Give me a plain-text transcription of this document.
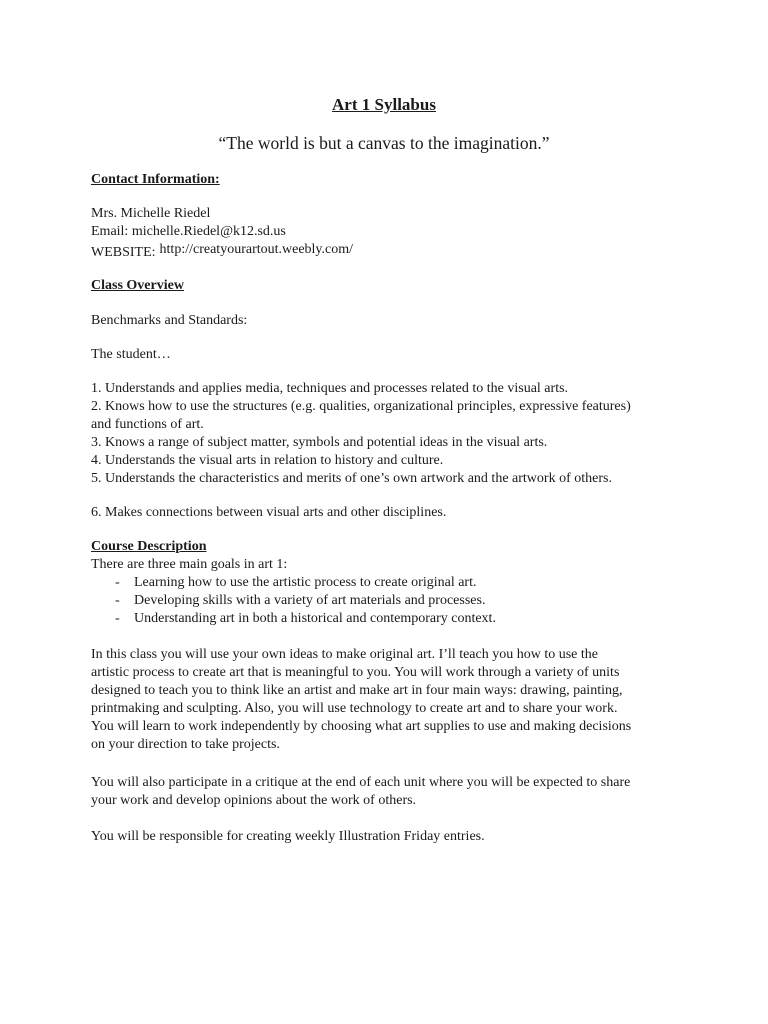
Art 1 Syllabus
“The world is but a canvas to the imagination.”
Contact Information:
Mrs. Michelle Riedel
Email: michelle.Riedel@k12.sd.us
WEBSITE: http://creatyourartout.weebly.com/
Class Overview
Benchmarks and Standards:
The student…
1. Understands and applies media, techniques and processes related to the visual arts.
2. Knows how to use the structures (e.g. qualities, organizational principles, expressive features)
and functions of art.
3. Knows a range of subject matter, symbols and potential ideas in the visual arts.
4. Understands the visual arts in relation to history and culture.
5. Understands the characteristics and merits of one’s own artwork and the artwork of others.
6. Makes connections between visual arts and other disciplines.
Course Description
There are three main goals in art 1:
- Learning how to use the artistic process to create original art.
- Developing skills with a variety of art materials and processes.
- Understanding art in both a historical and contemporary context.
In this class you will use your own ideas to make original art. I’ll teach you how to use the
artistic process to create art that is meaningful to you. You will work through a variety of units
designed to teach you to think like an artist and make art in four main ways: drawing, painting,
printmaking and sculpting. Also, you will use technology to create art and to share your work.
You will learn to work independently by choosing what art supplies to use and making decisions
on your direction to take projects.
You will also participate in a critique at the end of each unit where you will be expected to share
your work and develop opinions about the work of others.
You will be responsible for creating weekly Illustration Friday entries.
